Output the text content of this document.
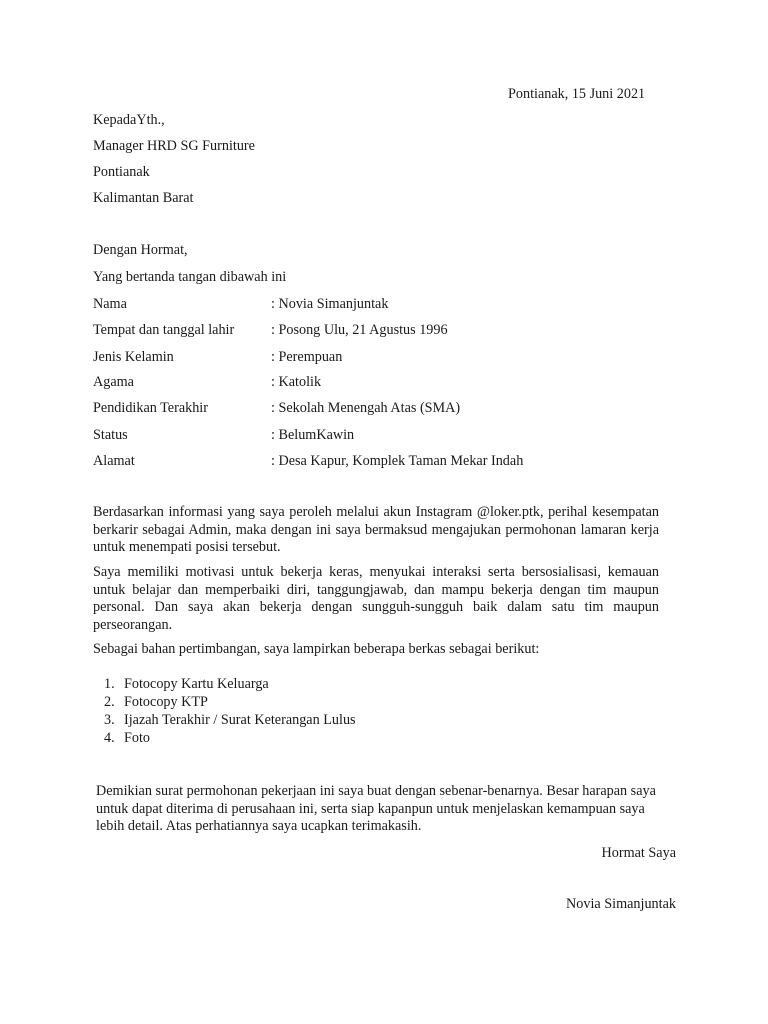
Pontianak, 15 Juni 2021
KepadaYth.,
Manager HRD SG Furniture
Pontianak
Kalimantan Barat
Dengan Hormat,
Yang bertanda tangan dibawah ini
Nama	: Novia Simanjuntak
Tempat dan tanggal lahir	: Posong Ulu, 21 Agustus 1996
Jenis Kelamin	: Perempuan
Agama	: Katolik
Pendidikan Terakhir	: Sekolah Menengah Atas (SMA)
Status	: BelumKawin
Alamat	: Desa Kapur, Komplek Taman Mekar Indah
Berdasarkan informasi yang saya peroleh melalui akun Instagram @loker.ptk, perihal kesempatan berkarir sebagai Admin, maka dengan ini saya bermaksud mengajukan permohonan lamaran kerja untuk menempati posisi tersebut.
Saya memiliki motivasi untuk bekerja keras, menyukai interaksi serta bersosialisasi, kemauan untuk belajar dan memperbaiki diri, tanggungjawab, dan mampu bekerja dengan tim maupun personal. Dan saya akan bekerja dengan sungguh-sungguh baik dalam satu tim maupun perseorangan.
Sebagai bahan pertimbangan, saya lampirkan beberapa berkas sebagai berikut:
1. Fotocopy Kartu Keluarga
2. Fotocopy KTP
3. Ijazah Terakhir / Surat Keterangan Lulus
4. Foto
Demikian surat permohonan pekerjaan ini saya buat dengan sebenar-benarnya. Besar harapan saya untuk dapat diterima di perusahaan ini, serta siap kapanpun untuk menjelaskan kemampuan saya lebih detail. Atas perhatiannya saya ucapkan terimakasih.
Hormat Saya
Novia Simanjuntak
